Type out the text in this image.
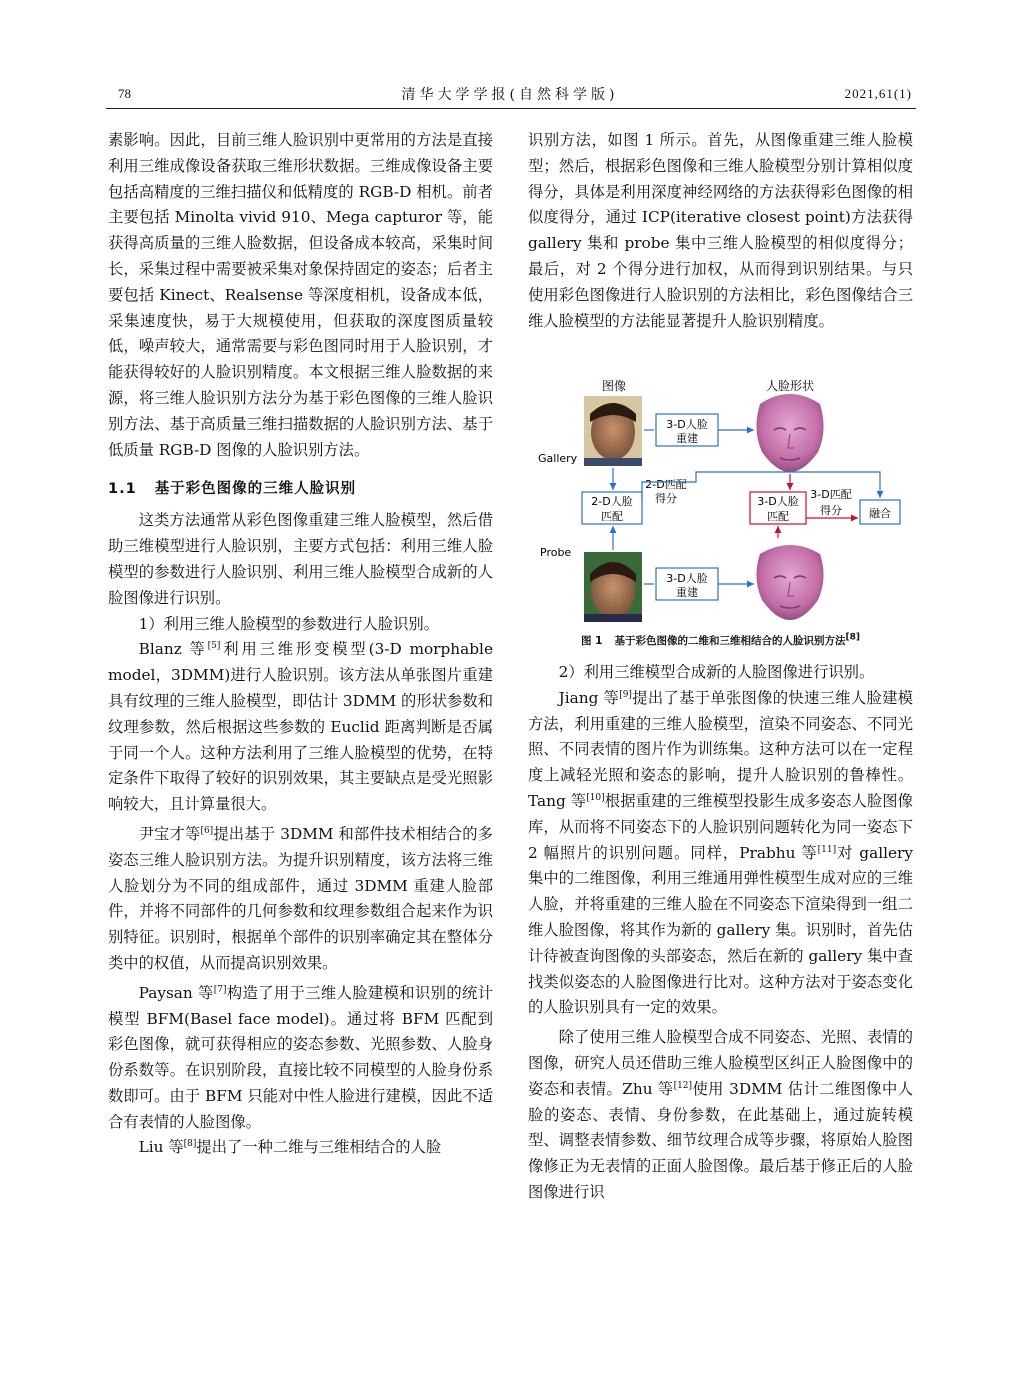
78	清华大学学报(自然科学版)	2021,61(1)

素影响。因此，目前三维人脸识别中更常用的方法是直接利用三维成像设备获取三维形状数据。三维成像设备主要包括高精度的三维扫描仪和低精度的 RGB-D 相机。前者主要包括 Minolta vivid 910、Mega capturor 等，能获得高质量的三维人脸数据，但设备成本较高，采集时间长，采集过程中需要被采集对象保持固定的姿态；后者主要包括 Kinect、Realsense 等深度相机，设备成本低，采集速度快，易于大规模使用，但获取的深度图质量较低，噪声较大，通常需要与彩色图同时用于人脸识别，才能获得较好的人脸识别精度。本文根据三维人脸数据的来源，将三维人脸识别方法分为基于彩色图像的三维人脸识别方法、基于高质量三维扫描数据的人脸识别方法、基于低质量 RGB-D 图像的人脸识别方法。

1.1 基于彩色图像的三维人脸识别

这类方法通常从彩色图像重建三维人脸模型，然后借助三维模型进行人脸识别，主要方式包括：利用三维人脸模型的参数进行人脸识别、利用三维人脸模型合成新的人脸图像进行识别。

1）利用三维人脸模型的参数进行人脸识别。

Blanz 等[5]利用三维形变模型(3-D morphable model，3DMM)进行人脸识别。该方法从单张图片重建具有纹理的三维人脸模型，即估计 3DMM 的形状参数和纹理参数，然后根据这些参数的 Euclid 距离判断是否属于同一个人。这种方法利用了三维人脸模型的优势，在特定条件下取得了较好的识别效果，其主要缺点是受光照影响较大，且计算量很大。

尹宝才等[6]提出基于 3DMM 和部件技术相结合的多姿态三维人脸识别方法。为提升识别精度，该方法将三维人脸划分为不同的组成部件，通过 3DMM 重建人脸部件，并将不同部件的几何参数和纹理参数组合起来作为识别特征。识别时，根据单个部件的识别率确定其在整体分类中的权值，从而提高识别效果。

Paysan 等[7]构造了用于三维人脸建模和识别的统计模型 BFM(Basel face model)。通过将 BFM 匹配到彩色图像，就可获得相应的姿态参数、光照参数、人脸身份系数等。在识别阶段，直接比较不同模型的人脸身份系数即可。由于 BFM 只能对中性人脸进行建模，因此不适合有表情的人脸图像。

Liu 等[8]提出了一种二维与三维相结合的人脸

识别方法，如图 1 所示。首先，从图像重建三维人脸模型；然后，根据彩色图像和三维人脸模型分别计算相似度得分，具体是利用深度神经网络的方法获得彩色图像的相似度得分，通过 ICP(iterative closest point)方法获得 gallery 集和 probe 集中三维人脸模型的相似度得分；最后，对 2 个得分进行加权，从而得到识别结果。与只使用彩色图像进行人脸识别的方法相比，彩色图像结合三维人脸模型的方法能显著提升人脸识别精度。

图像	人脸形状
Gallery
Probe
3-D人脸
重建
3-D人脸
重建
2-D人脸
匹配
2-D匹配
得分	3-D人脸
匹配
3-D匹配
得分 融合
图 1 基于彩色图像的二维和三维相结合的人脸识别方法[8]

2）利用三维模型合成新的人脸图像进行识别。

Jiang 等[9]提出了基于单张图像的快速三维人脸建模方法，利用重建的三维人脸模型，渲染不同姿态、不同光照、不同表情的图片作为训练集。这种方法可以在一定程度上减轻光照和姿态的影响，提升人脸识别的鲁棒性。Tang 等[10]根据重建的三维模型投影生成多姿态人脸图像库，从而将不同姿态下的人脸识别问题转化为同一姿态下 2 幅照片的识别问题。同样，Prabhu 等[11]对 gallery 集中的二维图像，利用三维通用弹性模型生成对应的三维人脸，并将重建的三维人脸在不同姿态下渲染得到一组二维人脸图像，将其作为新的 gallery 集。识别时，首先估计待被查询图像的头部姿态，然后在新的 gallery 集中查找类似姿态的人脸图像进行比对。这种方法对于姿态变化的人脸识别具有一定的效果。

除了使用三维人脸模型合成不同姿态、光照、表情的图像，研究人员还借助三维人脸模型区纠正人脸图像中的姿态和表情。Zhu 等[12]使用 3DMM 估计二维图像中人脸的姿态、表情、身份参数，在此基础上，通过旋转模型、调整表情参数、细节纹理合成等步骤，将原始人脸图像修正为无表情的正面人脸图像。最后基于修正后的人脸图像进行识
